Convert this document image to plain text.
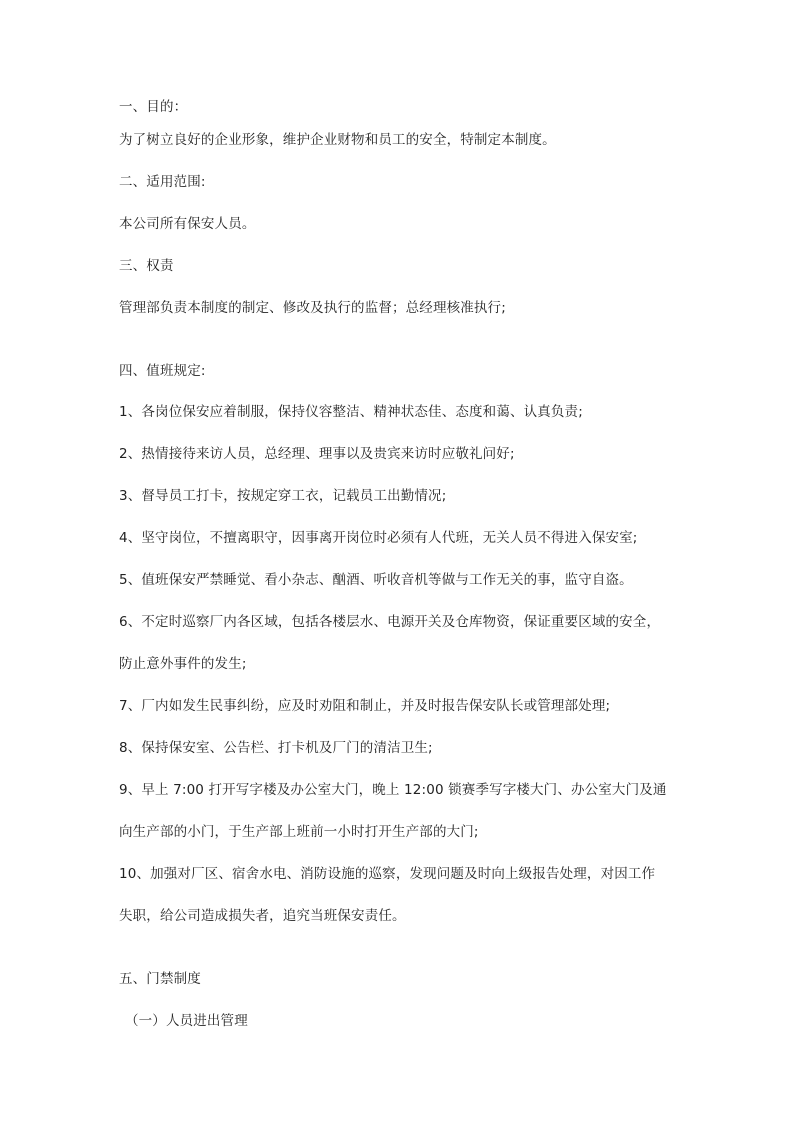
一、目的：
为了树立良好的企业形象，维护企业财物和员工的安全，特制定本制度。
二、适用范围:
本公司所有保安人员。
三、权责
管理部负责本制度的制定、修改及执行的监督；总经理核准执行;
四、值班规定:
1、各岗位保安应着制服，保持仪容整洁、精神状态佳、态度和蔼、认真负责;
2、热情接待来访人员，总经理、理事以及贵宾来访时应敬礼问好;
3、督导员工打卡，按规定穿工衣，记载员工出勤情况;
4、坚守岗位，不擅离职守，因事离开岗位时必须有人代班，无关人员不得进入保安室;
5、值班保安严禁睡觉、看小杂志、酗酒、听收音机等做与工作无关的事，监守自盗。
6、不定时巡察厂内各区域，包括各楼层水、电源开关及仓库物资，保证重要区域的安全，
防止意外事件的发生;
7、厂内如发生民事纠纷，应及时劝阻和制止，并及时报告保安队长或管理部处理;
8、保持保安室、公告栏、打卡机及厂门的清洁卫生;
9、早上 7:00 打开写字楼及办公室大门，晚上 12:00 锁赛季写字楼大门、办公室大门及通
向生产部的小门，于生产部上班前一小时打开生产部的大门;
10、加强对厂区、宿舍水电、消防设施的巡察，发现问题及时向上级报告处理，对因工作
失职，给公司造成损失者，追究当班保安责任。
五、门禁制度
（一）人员进出管理
